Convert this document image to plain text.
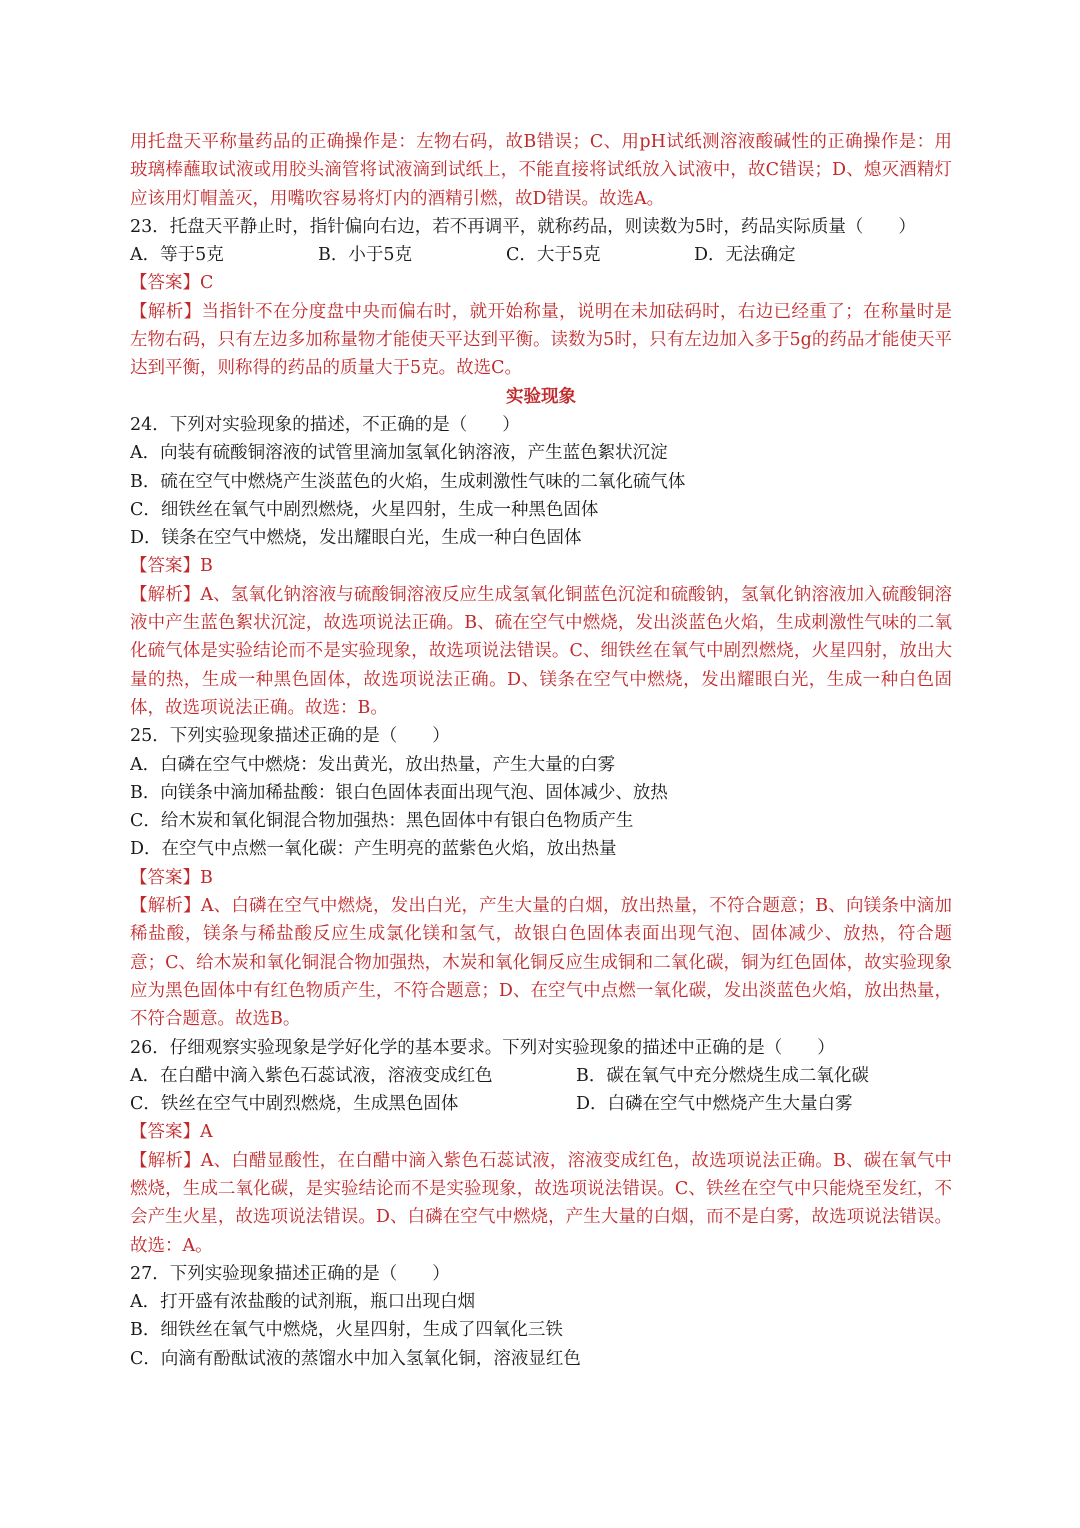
用托盘天平称量药品的正确操作是：左物右码，故B错误；C、用pH试纸测溶液酸碱性的正确操作是：用玻璃棒蘸取试液或用胶头滴管将试液滴到试纸上，不能直接将试纸放入试液中，故C错误；D、熄灭酒精灯应该用灯帽盖灭，用嘴吹容易将灯内的酒精引燃，故D错误。故选A。
23．托盘天平静止时，指针偏向右边，若不再调平，就称药品，则读数为5时，药品实际质量（　　）
A．等于5克	B．小于5克	C．大于5克	D．无法确定
【答案】C
【解析】当指针不在分度盘中央而偏右时，就开始称量，说明在未加砝码时，右边已经重了；在称量时是左物右码，只有左边多加称量物才能使天平达到平衡。读数为5时，只有左边加入多于5g的药品才能使天平达到平衡，则称得的药品的质量大于5克。故选C。
实验现象
24．下列对实验现象的描述，不正确的是（　　）
A．向装有硫酸铜溶液的试管里滴加氢氧化钠溶液，产生蓝色絮状沉淀
B．硫在空气中燃烧产生淡蓝色的火焰，生成刺激性气味的二氧化硫气体
C．细铁丝在氧气中剧烈燃烧，火星四射，生成一种黑色固体
D．镁条在空气中燃烧，发出耀眼白光，生成一种白色固体
【答案】B
【解析】A、氢氧化钠溶液与硫酸铜溶液反应生成氢氧化铜蓝色沉淀和硫酸钠，氢氧化钠溶液加入硫酸铜溶液中产生蓝色絮状沉淀，故选项说法正确。B、硫在空气中燃烧，发出淡蓝色火焰，生成刺激性气味的二氧化硫气体是实验结论而不是实验现象，故选项说法错误。C、细铁丝在氧气中剧烈燃烧，火星四射，放出大量的热，生成一种黑色固体，故选项说法正确。D、镁条在空气中燃烧，发出耀眼白光，生成一种白色固体，故选项说法正确。故选：B。
25．下列实验现象描述正确的是（　　）
A．白磷在空气中燃烧：发出黄光，放出热量，产生大量的白雾
B．向镁条中滴加稀盐酸：银白色固体表面出现气泡、固体减少、放热
C．给木炭和氧化铜混合物加强热：黑色固体中有银白色物质产生
D．在空气中点燃一氧化碳：产生明亮的蓝紫色火焰，放出热量
【答案】B
【解析】A、白磷在空气中燃烧，发出白光，产生大量的白烟，放出热量，不符合题意；B、向镁条中滴加稀盐酸，镁条与稀盐酸反应生成氯化镁和氢气，故银白色固体表面出现气泡、固体减少、放热，符合题意；C、给木炭和氧化铜混合物加强热，木炭和氧化铜反应生成铜和二氧化碳，铜为红色固体，故实验现象应为黑色固体中有红色物质产生，不符合题意；D、在空气中点燃一氧化碳，发出淡蓝色火焰，放出热量，不符合题意。故选B。
26．仔细观察实验现象是学好化学的基本要求。下列对实验现象的描述中正确的是（　　）
A．在白醋中滴入紫色石蕊试液，溶液变成红色	B．碳在氧气中充分燃烧生成二氧化碳
C．铁丝在空气中剧烈燃烧，生成黑色固体	D．白磷在空气中燃烧产生大量白雾
【答案】A
【解析】A、白醋显酸性，在白醋中滴入紫色石蕊试液，溶液变成红色，故选项说法正确。B、碳在氧气中燃烧，生成二氧化碳，是实验结论而不是实验现象，故选项说法错误。C、铁丝在空气中只能烧至发红，不会产生火星，故选项说法错误。D、白磷在空气中燃烧，产生大量的白烟，而不是白雾，故选项说法错误。故选：A。
27．下列实验现象描述正确的是（　　）
A．打开盛有浓盐酸的试剂瓶，瓶口出现白烟
B．细铁丝在氧气中燃烧，火星四射，生成了四氧化三铁
C．向滴有酚酞试液的蒸馏水中加入氢氧化铜，溶液显红色
